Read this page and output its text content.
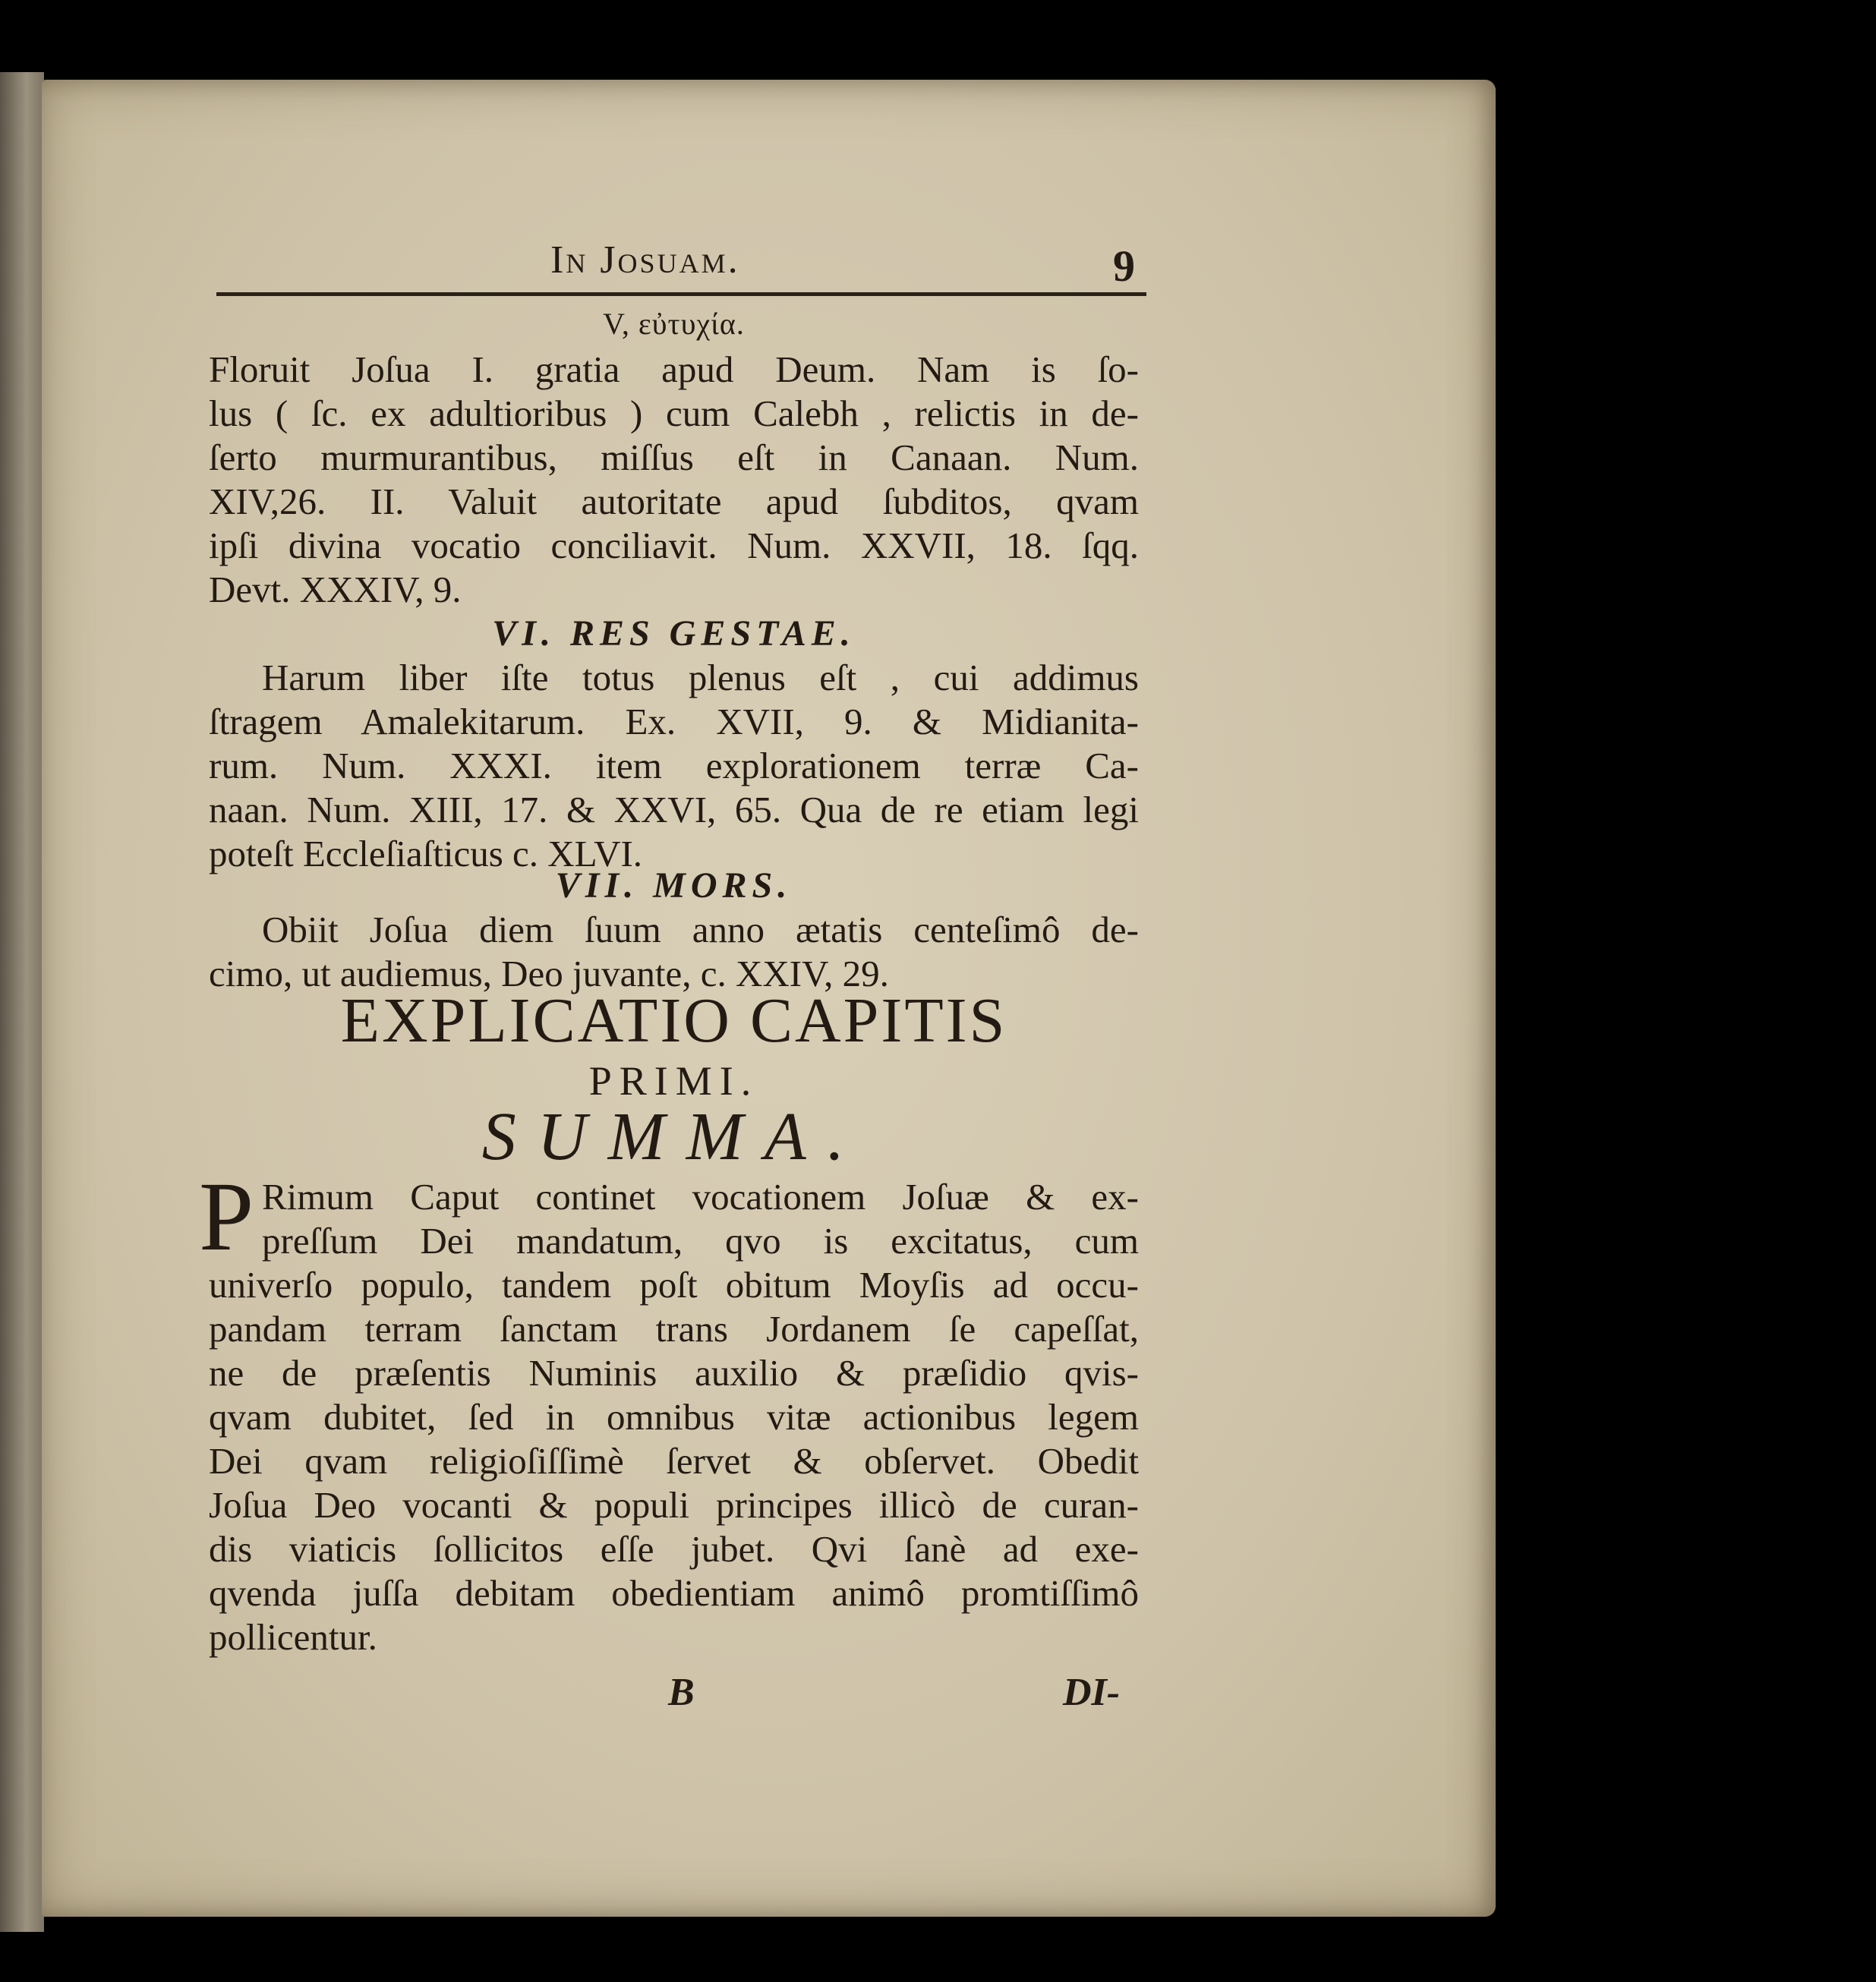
In Josuam.	9
V, εὐτυχία.
Floruit Joſua I. gratia apud Deum. Nam is ſo-
lus ( ſc. ex adultioribus ) cum Calebh , relictis in de-
ſerto murmurantibus, miſſus eſt in Canaan. Num.
XIV,26. II. Valuit autoritate apud ſubditos, qvam
ipſi divina vocatio conciliavit. Num. XXVII, 18. ſqq.
Devt. XXXIV, 9.
VI. RES GESTAE.
Harum liber iſte totus plenus eſt , cui addimus
ſtragem Amalekitarum. Ex. XVII, 9. & Midianita-
rum. Num. XXXI. item explorationem terræ Ca-
naan. Num. XIII, 17. & XXVI, 65. Qua de re etiam legi
poteſt Eccleſiaſticus c. XLVI.
VII. MORS.
Obiit Joſua diem ſuum anno ætatis centeſimô de-
cimo, ut audiemus, Deo juvante, c. XXIV, 29.
EXPLICATIO CAPITIS
PRIMI.
SUMMA.
P Rimum Caput continet vocationem Joſuæ & ex-
preſſum Dei mandatum, qvo is excitatus, cum
univerſo populo, tandem poſt obitum Moyſis ad occu-
pandam terram ſanctam trans Jordanem ſe capeſſat,
ne de præſentis Numinis auxilio & præſidio qvis-
qvam dubitet, ſed in omnibus vitæ actionibus legem
Dei qvam religioſiſſimè ſervet & obſervet. Obedit
Joſua Deo vocanti & populi principes illicò de curan-
dis viaticis ſollicitos eſſe jubet. Qvi ſanè ad exe-
qvenda juſſa debitam obedientiam animô promtiſſimô
pollicentur.
B	DI-
